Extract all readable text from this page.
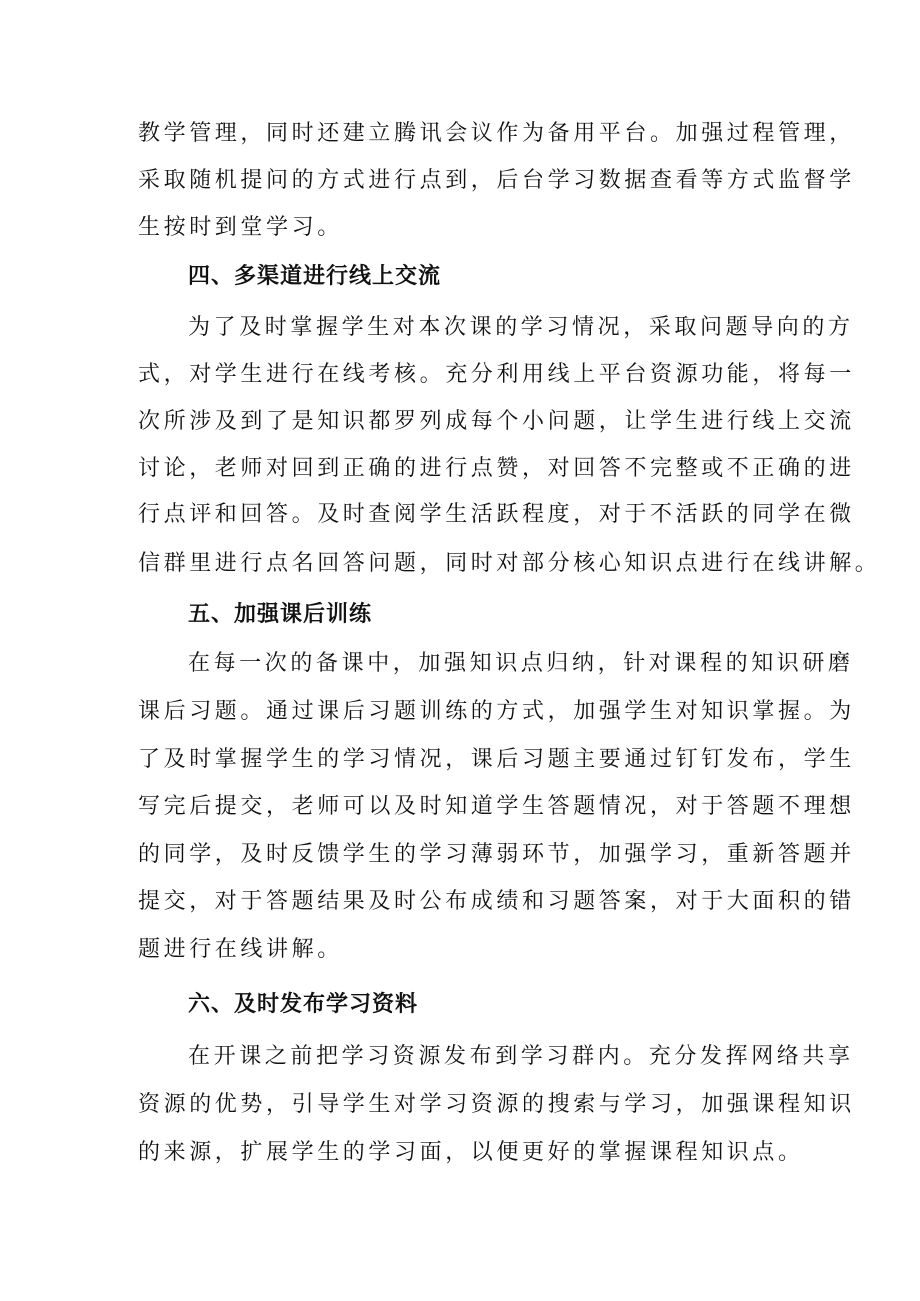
教学管理，同时还建立腾讯会议作为备用平台。加强过程管理，
采取随机提问的方式进行点到，后台学习数据查看等方式监督学
生按时到堂学习。
四、多渠道进行线上交流
为了及时掌握学生对本次课的学习情况，采取问题导向的方
式，对学生进行在线考核。充分利用线上平台资源功能，将每一
次所涉及到了是知识都罗列成每个小问题，让学生进行线上交流
讨论，老师对回到正确的进行点赞，对回答不完整或不正确的进
行点评和回答。及时查阅学生活跃程度，对于不活跃的同学在微
信群里进行点名回答问题，同时对部分核心知识点进行在线讲解。
五、加强课后训练
在每一次的备课中，加强知识点归纳，针对课程的知识研磨
课后习题。通过课后习题训练的方式，加强学生对知识掌握。为
了及时掌握学生的学习情况，课后习题主要通过钉钉发布，学生
写完后提交，老师可以及时知道学生答题情况，对于答题不理想
的同学，及时反馈学生的学习薄弱环节，加强学习，重新答题并
提交，对于答题结果及时公布成绩和习题答案，对于大面积的错
题进行在线讲解。
六、及时发布学习资料
在开课之前把学习资源发布到学习群内。充分发挥网络共享
资源的优势，引导学生对学习资源的搜索与学习，加强课程知识
的来源，扩展学生的学习面，以便更好的掌握课程知识点。
